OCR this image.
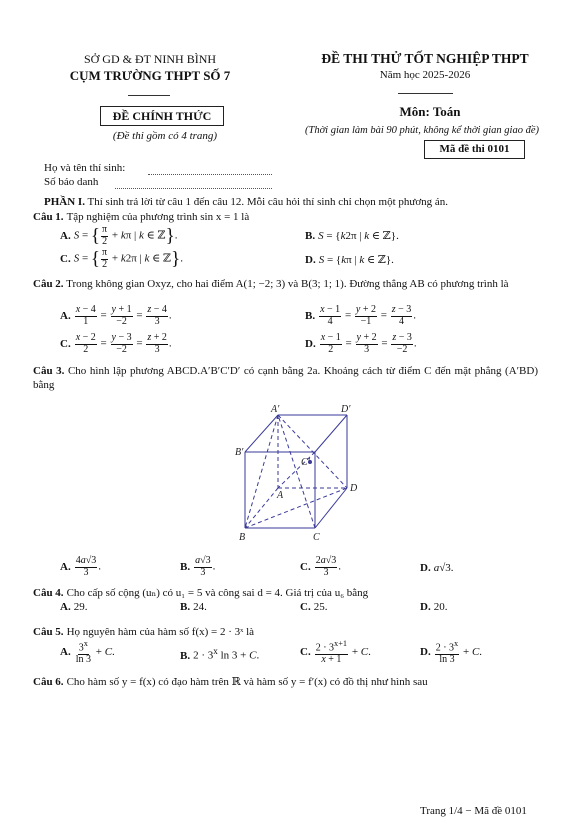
SỞ GD & ĐT NINH BÌNH
CỤM TRƯỜNG THPT SỐ 7
ĐỀ THI THỬ TỐT NGHIỆP THPT
Năm học 2025-2026
ĐỀ CHÍNH THỨC
(Đề thi gồm có 4 trang)
Môn: Toán
(Thời gian làm bài 90 phút, không kể thời gian giao đề)
Mã đề thi 0101
Họ và tên thí sinh:
Số báo danh
PHẦN I. Thí sinh trả lời từ câu 1 đến câu 12. Mỗi câu hỏi thí sinh chỉ chọn một phương án.
Câu 1. Tập nghiệm của phương trình sin x = 1 là
A. S = { $\frac{\pi}{2} + k\pi$ | k ∈ ℤ}.	B. S = {k2π | k ∈ ℤ}.
C. S = { $\frac{\pi}{2} + k2\pi$ | k ∈ ℤ}.	D. S = {kπ | k ∈ ℤ}.
Câu 2. Trong không gian Oxyz, cho hai điểm A(1; −2; 3) và B(3; 1; 1). Đường thẳng AB có phương trình là
A. $\frac{x - 4}{1} = \frac{y + 1}{-2} = \frac{z - 4}{3}$ .	B. $\frac{x - 1}{4} = \frac{y + 2}{-1} = \frac{z - 3}{4}$ .
C. $\frac{x - 2}{2} = \frac{y - 3}{-2} = \frac{z + 2}{3}$ .	D. $\frac{x - 1}{2} = \frac{y + 2}{3} = \frac{z - 3}{-2}$ .
Câu 3. Cho hình lập phương ABCD.A′B′C′D′ có cạnh bằng 2a. Khoảng cách từ điểm C đến mặt phẳng (A′BD) bằng
A′	D′
B′
C′
D
A
B	C
A. $\frac{4a√3}{3}$ .	B. $\frac{a√3}{3}$ .	C. $\frac{2a√3}{3}$ .	D. a√3.
Câu 4. Cho cấp số cộng (uₙ) có u₁ = 5 và công sai d = 4. Giá trị của u₆ bằng
A. 29.	B. 24.	C. 25.	D. 20.
Câu 5. Họ nguyên hàm của hàm số f(x) = 2 · 3ˣ là
A. $\frac{3^x}{\ln 3} + C$.	B. $2 \cdot 3^x$ ln 3 + C.	C. $\frac{2 \cdot 3^{x+1}}{x + 1} + C$.	D. $\frac{2 \cdot 3^x}{\ln 3} + C$.
Câu 6. Cho hàm số y = f(x) có đạo hàm trên ℝ và hàm số y = f′(x) có đồ thị như hình sau
Trang 1/4 − Mã đề 0101
